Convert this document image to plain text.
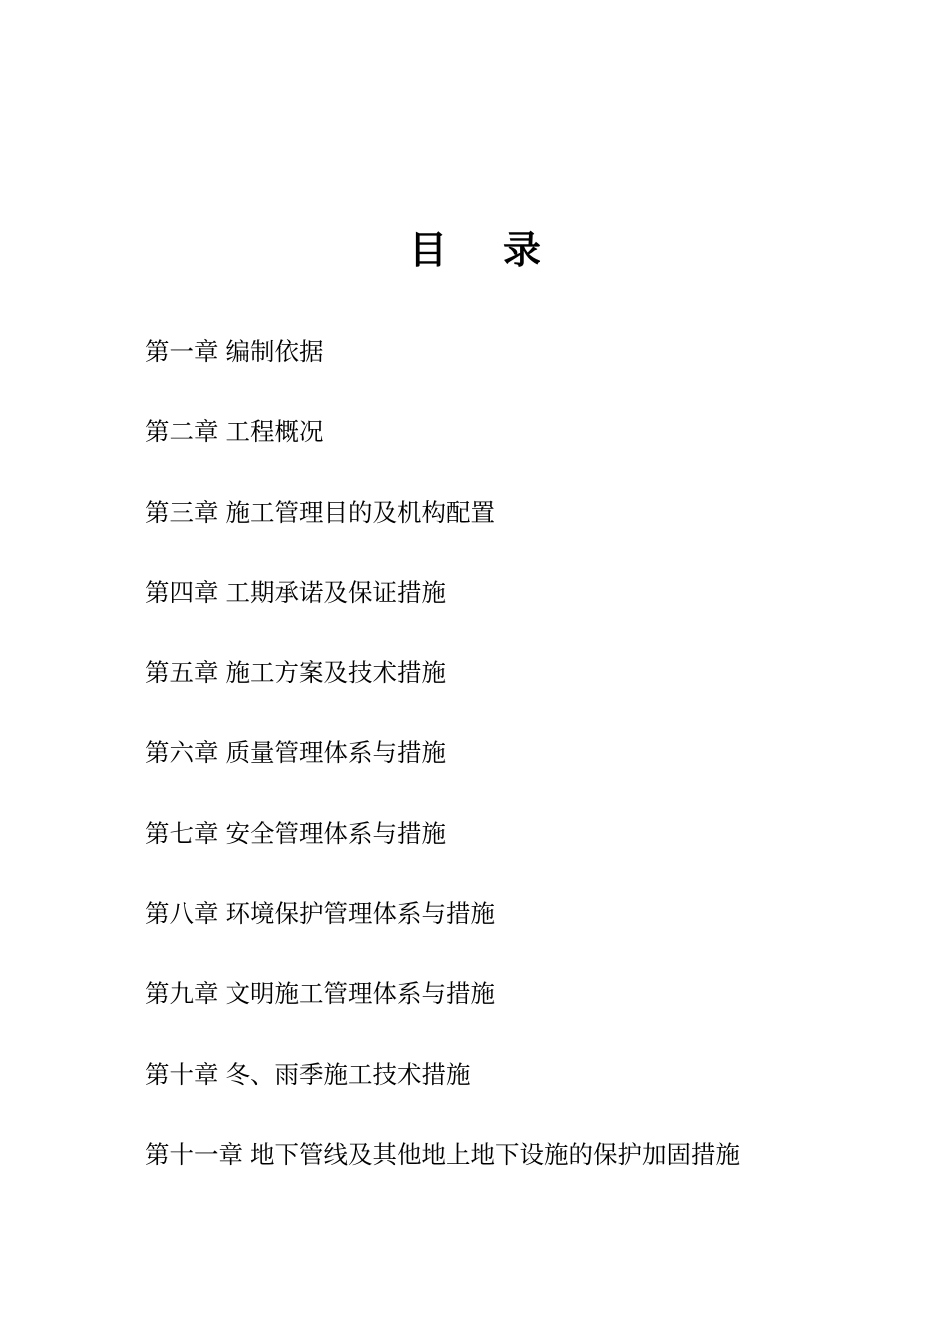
目 录
第一章 编制依据
第二章 工程概况
第三章 施工管理目的及机构配置
第四章 工期承诺及保证措施
第五章 施工方案及技术措施
第六章 质量管理体系与措施
第七章 安全管理体系与措施
第八章 环境保护管理体系与措施
第九章 文明施工管理体系与措施
第十章 冬、雨季施工技术措施
第十一章 地下管线及其他地上地下设施的保护加固措施
